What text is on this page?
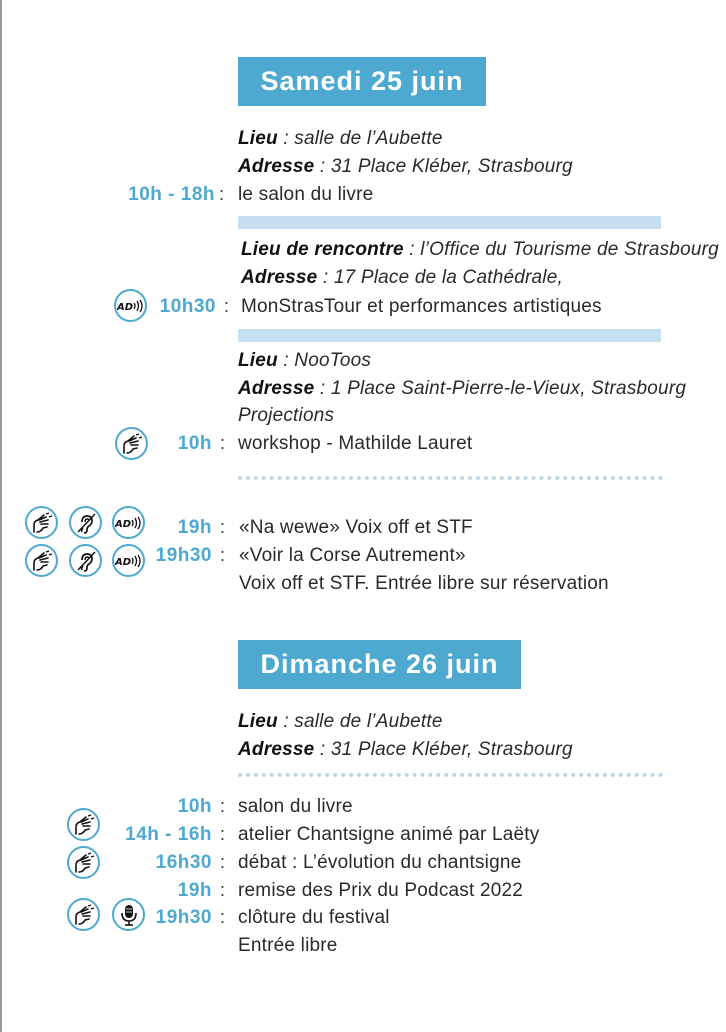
Samedi 25 juin
Lieu : salle de l’Aubette
Adresse : 31 Place Kléber, Strasbourg
10h - 18h : le salon du livre
Lieu de rencontre : l’Office du Tourisme de Strasbourg
Adresse : 17 Place de la Cathédrale,
AD 10h30 : MonStrasTour et performances artistiques
Lieu : NooToos
Adresse : 1 Place Saint-Pierre-le-Vieux, Strasbourg
Projections
10h : workshop - Mathilde Lauret
AD 19h : «Na wewe» Voix off et STF
AD 19h30 : «Voir la Corse Autrement»
Voix off et STF. Entrée libre sur réservation
Dimanche 26 juin
Lieu : salle de l’Aubette
Adresse : 31 Place Kléber, Strasbourg
10h : salon du livre
14h - 16h : atelier Chantsigne animé par Laëty
16h30 : débat : L’évolution du chantsigne
19h : remise des Prix du Podcast 2022
19h30 : clôture du festival
Entrée libre
